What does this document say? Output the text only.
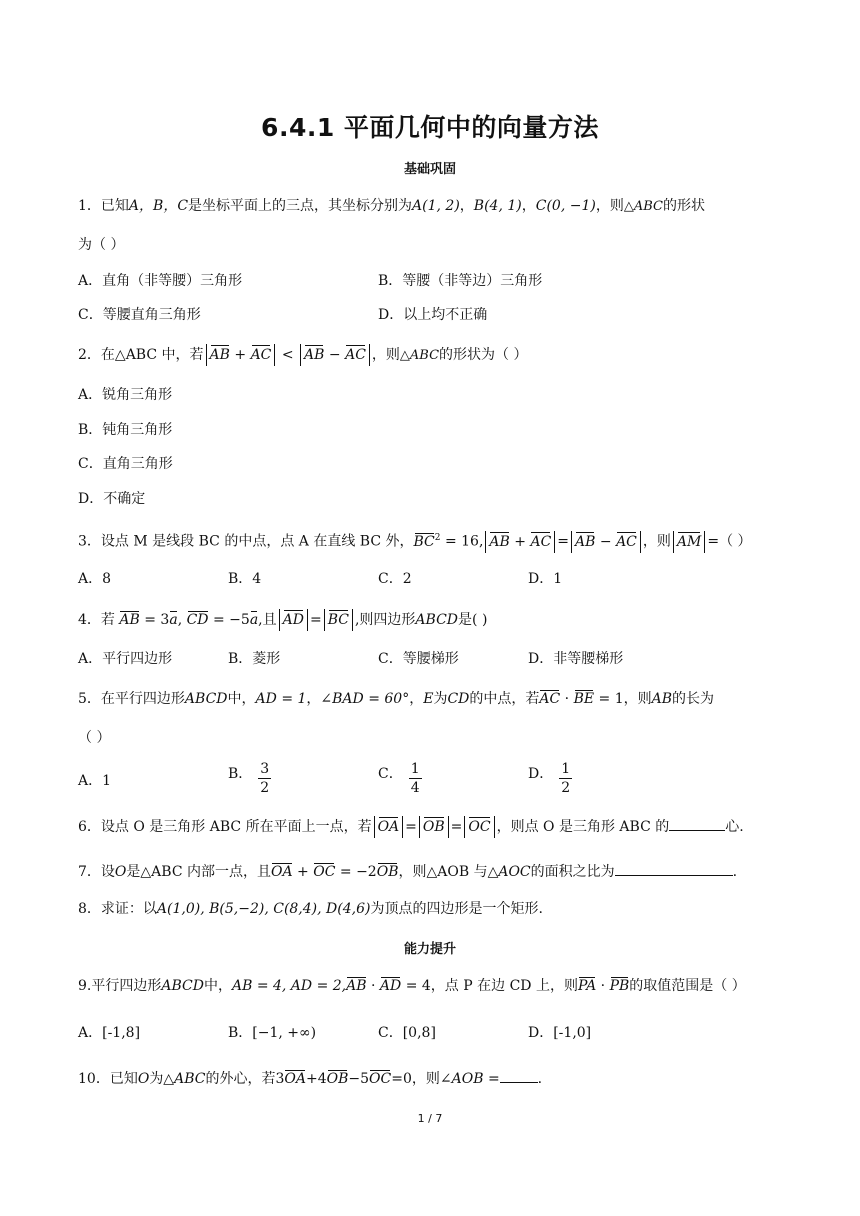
6.4.1 平面几何中的向量方法
基础巩固
1．已知A，B，C是坐标平面上的三点，其坐标分别为A(1, 2)，B(4, 1)，C(0, −1)，则△ABC的形状
为（ ）
A．直角（非等腰）三角形	B．等腰（非等边）三角形
C．等腰直角三角形	D．以上均不正确
2．在△ABC 中，若 AB + AC < AB − AC ，则△ABC的形状为（ ）
A．锐角三角形
B．钝角三角形
C．直角三角形
D．不确定
3．设点 M 是线段 BC 的中点，点 A 在直线 BC 外，$BC^2 = 16$, AB + AC = AB − AC ，则 AM =（ ）
A．8	B．4	C．2	D．1
4．若 AB = 3a, CD = −5a,且 AD = BC ,则四边形ABCD是( )
A．平行四边形	B．菱形	C．等腰梯形	D．非等腰梯形
5．在平行四边形ABCD中，AD = 1，∠BAD = 60°，E为CD的中点，若AC · BE = 1，则AB的长为
（ ）
A．1	B． $\frac{3}{2}$	C． $\frac{1}{4}$	D． $\frac{1}{2}$
6．设点 O 是三角形 ABC 所在平面上一点，若 OA = OB = OC ，则点 O 是三角形 ABC 的	心.
7．设O是△ABC 内部一点，且OA + OC = −2OB，则△AOB 与△AOC的面积之比为	.
8．求证：以A(1,0), B(5,−2), C(8,4), D(4,6)为顶点的四边形是一个矩形.
能力提升
9.平行四边形ABCD中，AB = 4, AD = 2,AB · AD = 4，点 P 在边 CD 上，则PA · PB的取值范围是（ ）
A．[-1,8]	B．[−1, +∞)	C．[0,8]	D．[-1,0]
10．已知O为△ABC的外心，若3OA+4OB−5OC=0，则∠AOB =	.
1 / 7
